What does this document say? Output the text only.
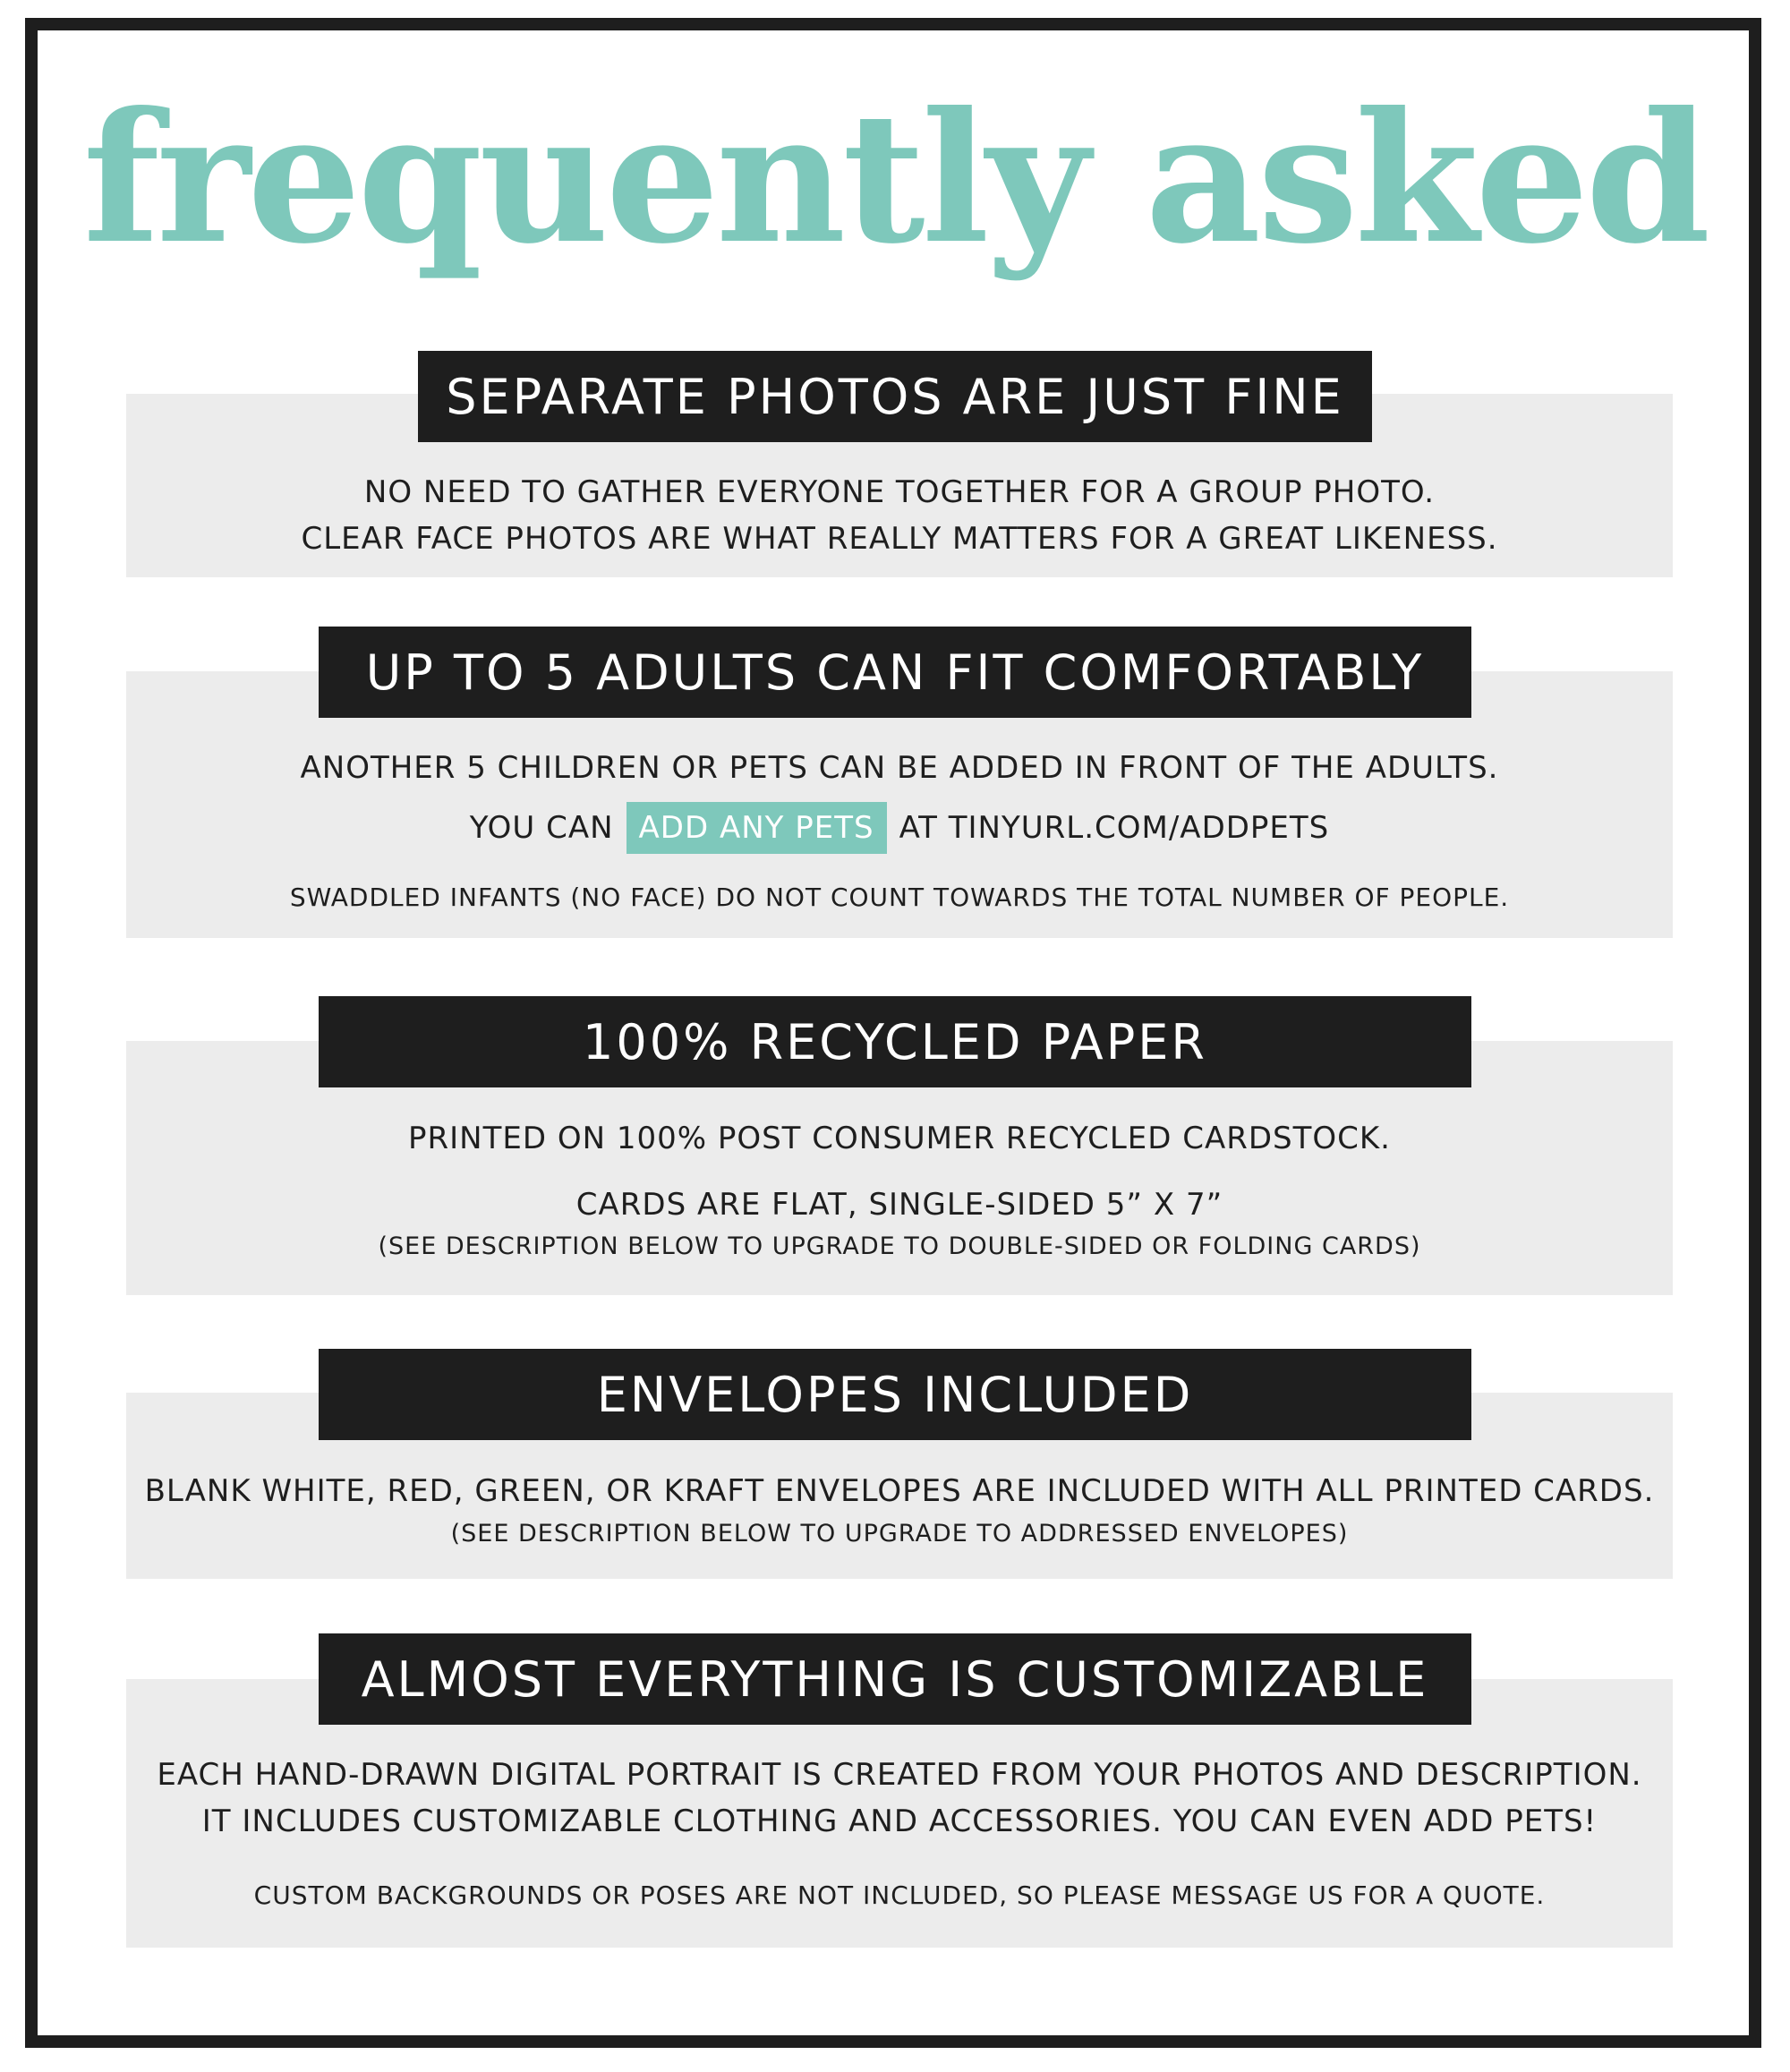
frequently asked
SEPARATE PHOTOS ARE JUST FINE
NO NEED TO GATHER EVERYONE TOGETHER FOR A GROUP PHOTO.
CLEAR FACE PHOTOS ARE WHAT REALLY MATTERS FOR A GREAT LIKENESS.
UP TO 5 ADULTS CAN FIT COMFORTABLY
ANOTHER 5 CHILDREN OR PETS CAN BE ADDED IN FRONT OF THE ADULTS.
YOU CAN ADD ANY PETS AT TINYURL.COM/ADDPETS
SWADDLED INFANTS (NO FACE) DO NOT COUNT TOWARDS THE TOTAL NUMBER OF PEOPLE.
100% RECYCLED PAPER
PRINTED ON 100% POST CONSUMER RECYCLED CARDSTOCK.
CARDS ARE FLAT, SINGLE-SIDED 5” X 7”
(SEE DESCRIPTION BELOW TO UPGRADE TO DOUBLE-SIDED OR FOLDING CARDS)
ENVELOPES INCLUDED
BLANK WHITE, RED, GREEN, OR KRAFT ENVELOPES ARE INCLUDED WITH ALL PRINTED CARDS.
(SEE DESCRIPTION BELOW TO UPGRADE TO ADDRESSED ENVELOPES)
ALMOST EVERYTHING IS CUSTOMIZABLE
EACH HAND-DRAWN DIGITAL PORTRAIT IS CREATED FROM YOUR PHOTOS AND DESCRIPTION.
IT INCLUDES CUSTOMIZABLE CLOTHING AND ACCESSORIES. YOU CAN EVEN ADD PETS!
CUSTOM BACKGROUNDS OR POSES ARE NOT INCLUDED, SO PLEASE MESSAGE US FOR A QUOTE.
